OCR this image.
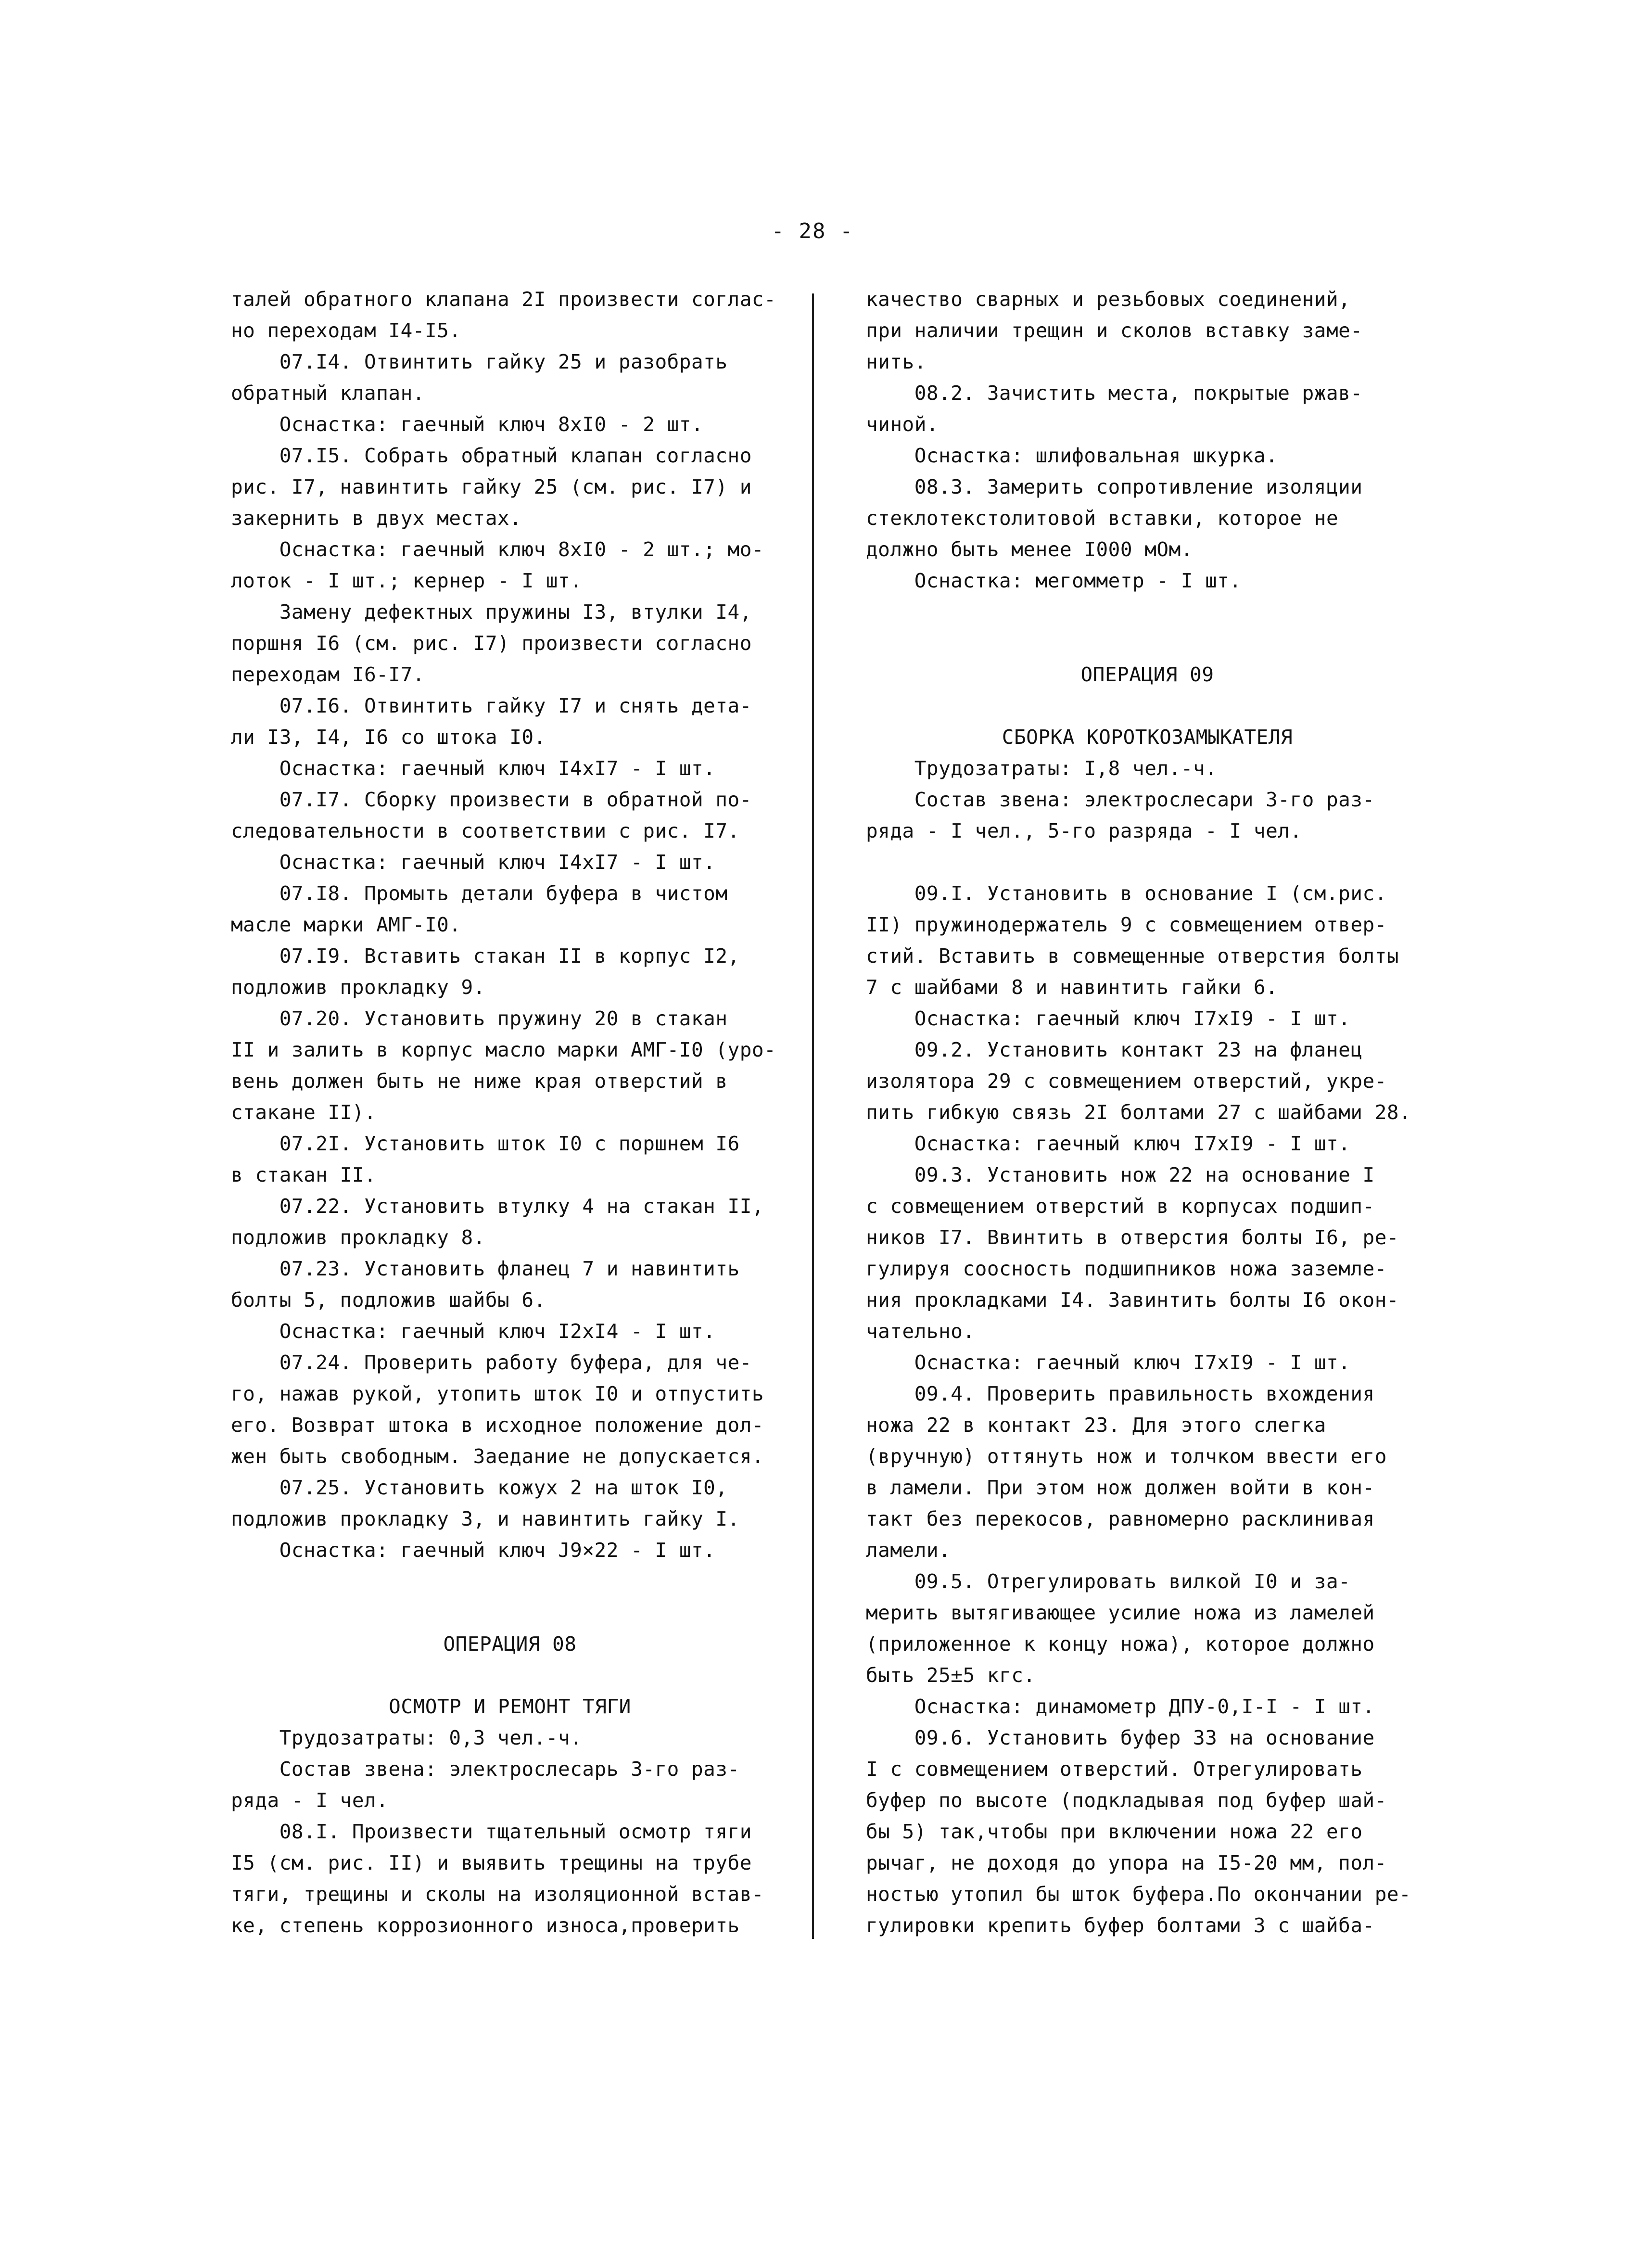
- 28 -
талей обратного клапана 2I произвести соглас-
но переходам I4-I5.
07.I4. Отвинтить гайку 25 и разобрать
обратный клапан.
Оснастка: гаечный ключ 8хI0 - 2 шт.
07.I5. Собрать обратный клапан согласно
рис. I7, навинтить гайку 25 (см. рис. I7) и
закернить в двух местах.
Оснастка: гаечный ключ 8хI0 - 2 шт.; мо-
лоток - I шт.; кернер - I шт.
Замену дефектных пружины I3, втулки I4,
поршня I6 (см. рис. I7) произвести согласно
переходам I6-I7.
07.I6. Отвинтить гайку I7 и снять дета-
ли I3, I4, I6 со штока I0.
Оснастка: гаечный ключ I4хI7 - I шт.
07.I7. Сборку произвести в обратной по-
следовательности в соответствии с рис. I7.
Оснастка: гаечный ключ I4хI7 - I шт.
07.I8. Промыть детали буфера в чистом
масле марки АМГ-I0.
07.I9. Вставить стакан II в корпус I2,
подложив прокладку 9.
07.20. Установить пружину 20 в стакан
II и залить в корпус масло марки АМГ-I0 (уро-
вень должен быть не ниже края отверстий в
стакане II).
07.2I. Установить шток I0 с поршнем I6
в стакан II.
07.22. Установить втулку 4 на стакан II,
подложив прокладку 8.
07.23. Установить фланец 7 и навинтить
болты 5, подложив шайбы 6.
Оснастка: гаечный ключ I2хI4 - I шт.
07.24. Проверить работу буфера, для че-
го, нажав рукой, утопить шток I0 и отпустить
его. Возврат штока в исходное положение дол-
жен быть свободным. Заедание не допускается.
07.25. Установить кожух 2 на шток I0,
подложив прокладку 3, и навинтить гайку I.
Оснастка: гаечный ключ J9×22 - I шт.
ОПЕРАЦИЯ 08
ОСМОТР И РЕМОНТ ТЯГИ
Трудозатраты: 0,3 чел.-ч.
Состав звена: электрослесарь 3-го раз-
ряда - I чел.
08.I. Произвести тщательный осмотр тяги
I5 (см. рис. II) и выявить трещины на трубе
тяги, трещины и сколы на изоляционной встав-
ке, степень коррозионного износа,проверить
качество сварных и резьбовых соединений,
при наличии трещин и сколов вставку заме-
нить.
08.2. Зачистить места, покрытые ржав-
чиной.
Оснастка: шлифовальная шкурка.
08.3. Замерить сопротивление изоляции
стеклотекстолитовой вставки, которое не
должно быть менее I000 мОм.
Оснастка: мегомметр - I шт.
ОПЕРАЦИЯ 09
СБОРКА КОРОТКОЗАМЫКАТЕЛЯ
Трудозатраты: I,8 чел.-ч.
Состав звена: электрослесари 3-го раз-
ряда - I чел., 5-го разряда - I чел.
09.I. Установить в основание I (см.рис.
II) пружинодержатель 9 с совмещением отвер-
стий. Вставить в совмещенные отверстия болты
7 с шайбами 8 и навинтить гайки 6.
Оснастка: гаечный ключ I7хI9 - I шт.
09.2. Установить контакт 23 на фланец
изолятора 29 с совмещением отверстий, укре-
пить гибкую связь 2I болтами 27 с шайбами 28.
Оснастка: гаечный ключ I7хI9 - I шт.
09.3. Установить нож 22 на основание I
с совмещением отверстий в корпусах подшип-
ников I7. Ввинтить в отверстия болты I6, ре-
гулируя соосность подшипников ножа заземле-
ния прокладками I4. Завинтить болты I6 окон-
чательно.
Оснастка: гаечный ключ I7хI9 - I шт.
09.4. Проверить правильность вхождения
ножа 22 в контакт 23. Для этого слегка
(вручную) оттянуть нож и толчком ввести его
в ламели. При этом нож должен войти в кон-
такт без перекосов, равномерно расклинивая
ламели.
09.5. Отрегулировать вилкой I0 и за-
мерить вытягивающее усилие ножа из ламелей
(приложенное к концу ножа), которое должно
быть 25±5 кгс.
Оснастка: динамометр ДПУ-0,I-I - I шт.
09.6. Установить буфер 33 на основание
I с совмещением отверстий. Отрегулировать
буфер по высоте (подкладывая под буфер шай-
бы 5) так,чтобы при включении ножа 22 его
рычаг, не доходя до упора на I5-20 мм, пол-
ностью утопил бы шток буфера.По окончании ре-
гулировки крепить буфер болтами 3 с шайба-
